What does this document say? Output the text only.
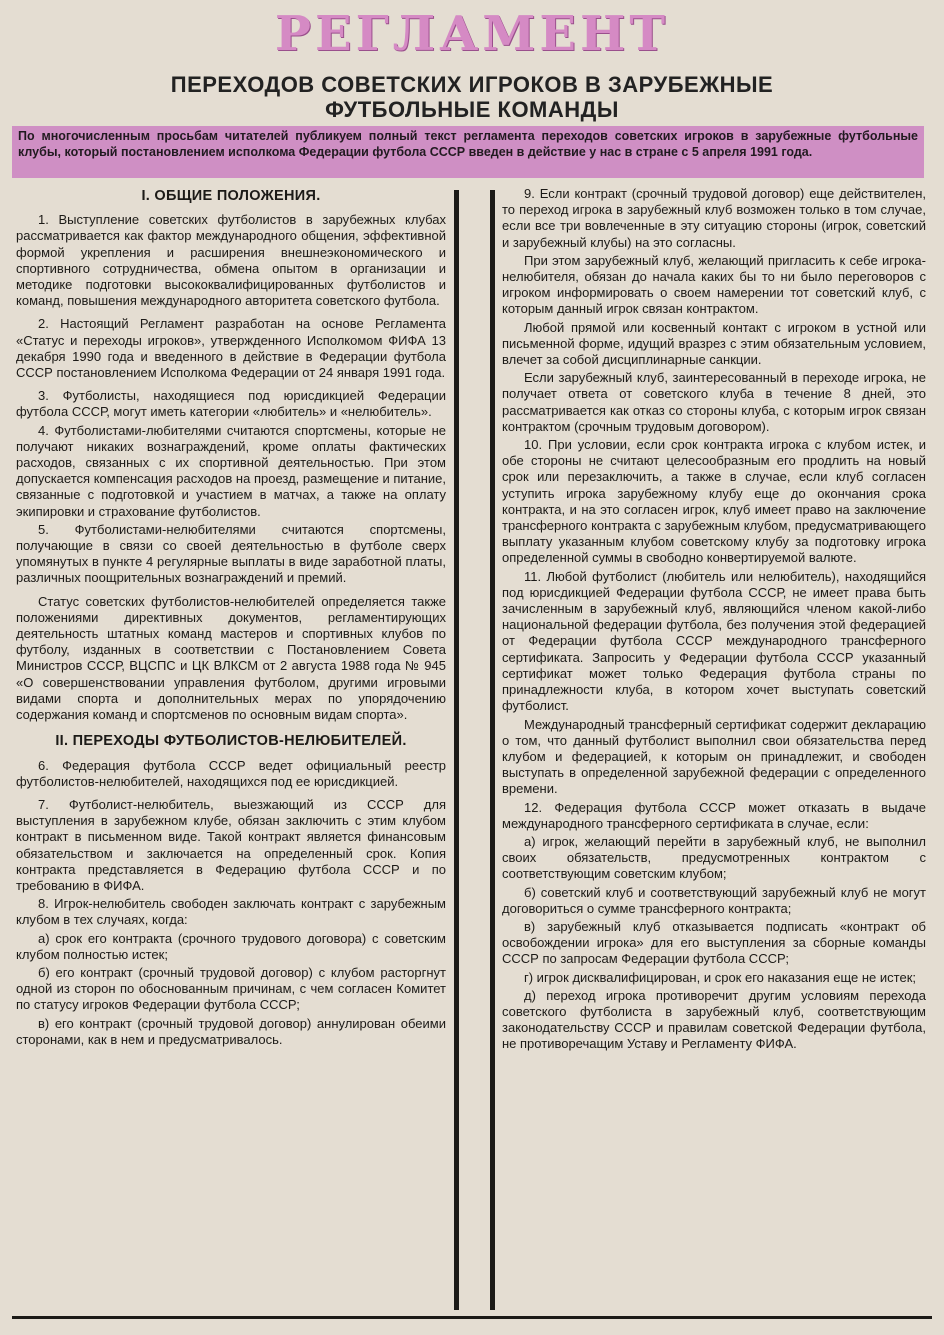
РЕГЛАМЕНТ
ПЕРЕХОДОВ СОВЕТСКИХ ИГРОКОВ В ЗАРУБЕЖНЫЕ
ФУТБОЛЬНЫЕ КОМАНДЫ
По многочисленным просьбам читателей публикуем полный текст регламента переходов советских игроков в зарубежные футбольные клубы, который постановлением исполкома Федерации футбола СССР введен в действие у нас в стране с 5 апреля 1991 года.
I. ОБЩИЕ ПОЛОЖЕНИЯ.

1. Выступление советских футболистов в зарубежных клубах рассматривается как фактор международного общения, эффективной формой укрепления и расширения внешнеэкономического и спортивного сотрудничества, обмена опытом в организации и методике подготовки высококвалифицированных футболистов и команд, повышения международного авторитета советского футбола.

2. Настоящий Регламент разработан на основе Регламента «Статус и переходы игроков», утвержденного Исполкомом ФИФА 13 декабря 1990 года и введенного в действие в Федерации футбола СССР постановлением Исполкома Федерации от 24 января 1991 года.

3. Футболисты, находящиеся под юрисдикцией Федерации футбола СССР, могут иметь категории «любитель» и «нелюбитель».

4. Футболистами-любителями считаются спортсмены, которые не получают никаких вознаграждений, кроме оплаты фактических расходов, связанных с их спортивной деятельностью. При этом допускается компенсация расходов на проезд, размещение и питание, связанные с подготовкой и участием в матчах, а также на оплату экипировки и страхование футболистов.

5. Футболистами-нелюбителями считаются спортсмены, получающие в связи со своей деятельностью в футболе сверх упомянутых в пункте 4 регулярные выплаты в виде заработной платы, различных поощрительных вознаграждений и премий.

Статус советских футболистов-нелюбителей определяется также положениями директивных документов, регламентирующих деятельность штатных команд мастеров и спортивных клубов по футболу, изданных в соответствии с Постановлением Совета Министров СССР, ВЦСПС и ЦК ВЛКСМ от 2 августа 1988 года № 945 «О совершенствовании управления футболом, другими игровыми видами спорта и дополнительных мерах по упорядочению содержания команд и спортсменов по основным видам спорта».

II. ПЕРЕХОДЫ ФУТБОЛИСТОВ-НЕЛЮБИТЕЛЕЙ.

6. Федерация футбола СССР ведет официальный реестр футболистов-нелюбителей, находящихся под ее юрисдикцией.

7. Футболист-нелюбитель, выезжающий из СССР для выступления в зарубежном клубе, обязан заключить с этим клубом контракт в письменном виде. Такой контракт является финансовым обязательством и заключается на определенный срок. Копия контракта представляется в Федерацию футбола СССР и по требованию в ФИФА.

8. Игрок-нелюбитель свободен заключать контракт с зарубежным клубом в тех случаях, когда:

а) срок его контракта (срочного трудового договора) с советским клубом полностью истек;

б) его контракт (срочный трудовой договор) с клубом расторгнут одной из сторон по обоснованным причинам, с чем согласен Комитет по статусу игроков Федерации футбола СССР;

в) его контракт (срочный трудовой договор) аннулирован обеими сторонами, как в нем и предусматривалось.

9. Если контракт (срочный трудовой договор) еще действителен, то переход игрока в зарубежный клуб возможен только в том случае, если все три вовлеченные в эту ситуацию стороны (игрок, советский и зарубежный клубы) на это согласны.

При этом зарубежный клуб, желающий пригласить к себе игрока-нелюбителя, обязан до начала каких бы то ни было переговоров с игроком информировать о своем намерении тот советский клуб, с которым данный игрок связан контрактом.

Любой прямой или косвенный контакт с игроком в устной или письменной форме, идущий вразрез с этим обязательным условием, влечет за собой дисциплинарные санкции.

Если зарубежный клуб, заинтересованный в переходе игрока, не получает ответа от советского клуба в течение 8 дней, это рассматривается как отказ со стороны клуба, с которым игрок связан контрактом (срочным трудовым договором).

10. При условии, если срок контракта игрока с клубом истек, и обе стороны не считают целесообразным его продлить на новый срок или перезаключить, а также в случае, если клуб согласен уступить игрока зарубежному клубу еще до окончания срока контракта, и на это согласен игрок, клуб имеет право на заключение трансферного контракта с зарубежным клубом, предусматривающего выплату указанным клубом советскому клубу за подготовку игрока определенной суммы в свободно конвертируемой валюте.

11. Любой футболист (любитель или нелюбитель), находящийся под юрисдикцией Федерации футбола СССР, не имеет права быть зачисленным в зарубежный клуб, являющийся членом какой-либо национальной федерации футбола, без получения этой федерацией от Федерации футбола СССР международного трансферного сертификата. Запросить у Федерации футбола СССР указанный сертификат может только Федерация футбола страны по принадлежности клуба, в котором хочет выступать советский футболист.

Международный трансферный сертификат содержит декларацию о том, что данный футболист выполнил свои обязательства перед клубом и федерацией, к которым он принадлежит, и свободен выступать в определенной зарубежной федерации с определенного времени.

12. Федерация футбола СССР может отказать в выдаче международного трансферного сертификата в случае, если:

а) игрок, желающий перейти в зарубежный клуб, не выполнил своих обязательств, предусмотренных контрактом с соответствующим советским клубом;

б) советский клуб и соответствующий зарубежный клуб не могут договориться о сумме трансферного контракта;

в) зарубежный клуб отказывается подписать «контракт об освобождении игрока» для его выступления за сборные команды СССР по запросам Федерации футбола СССР;

г) игрок дисквалифицирован, и срок его наказания еще не истек;

д) переход игрока противоречит другим условиям перехода советского футболиста в зарубежный клуб, соответствующим законодательству СССР и правилам советской Федерации футбола, не противоречащим Уставу и Регламенту ФИФА.
